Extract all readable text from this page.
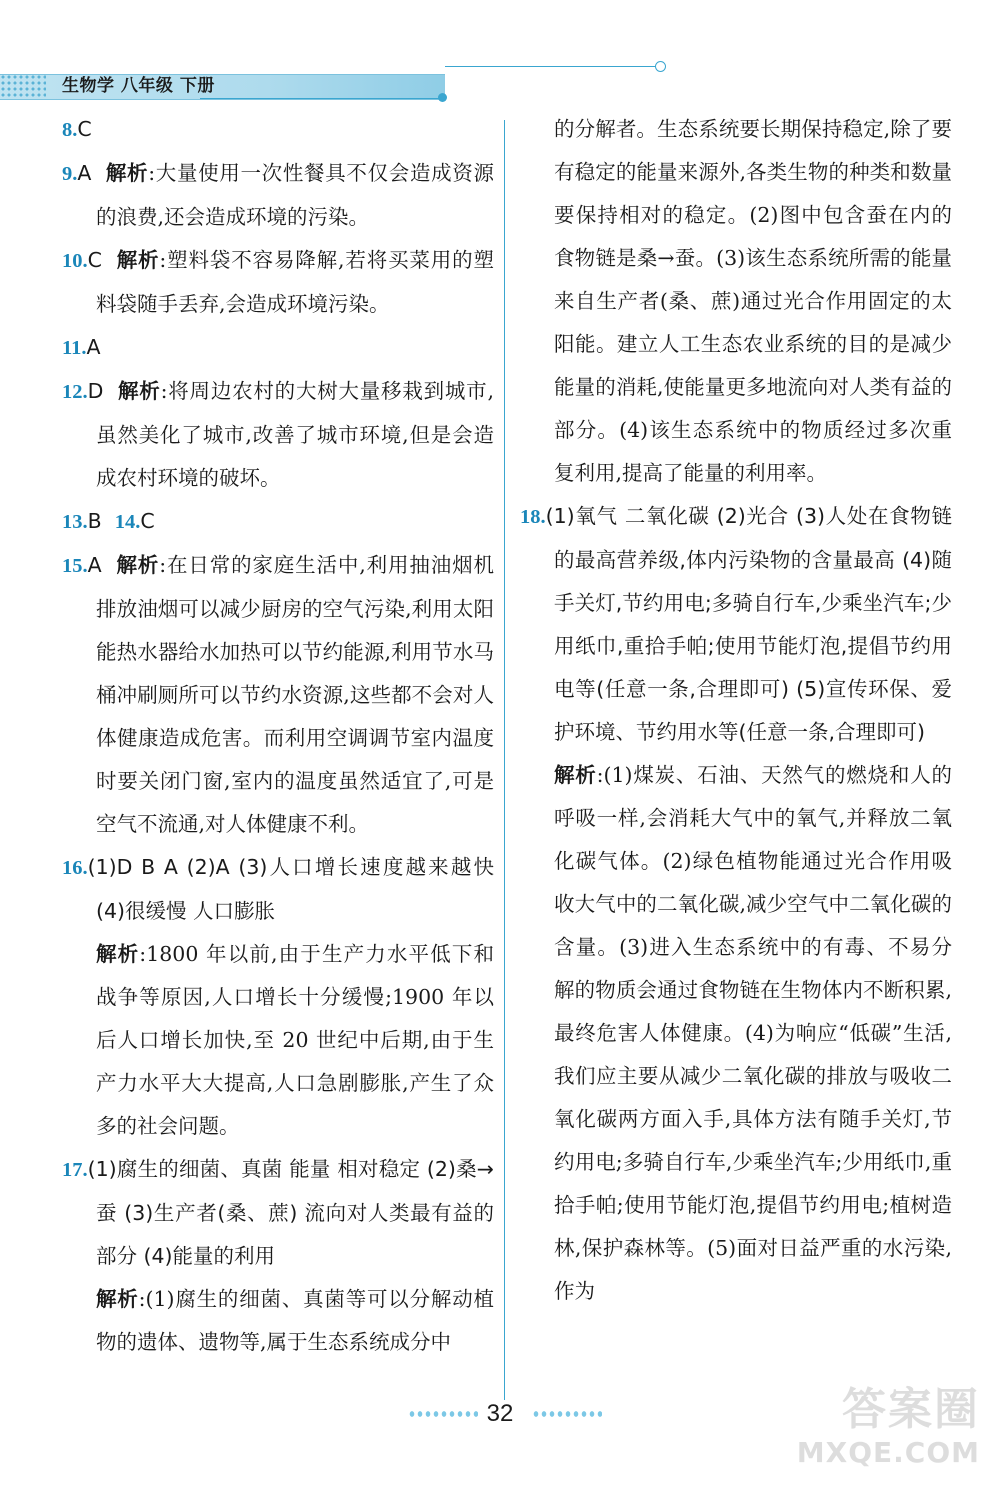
生物学 八年级 下册

8.C

9.A 解析:大量使用一次性餐具不仅会造成资源的浪费,还会造成环境的污染。

10.C 解析:塑料袋不容易降解,若将买菜用的塑料袋随手丢弃,会造成环境污染。

11.A

12.D 解析:将周边农村的大树大量移栽到城市,虽然美化了城市,改善了城市环境,但是会造成农村环境的破坏。

13.B 14.C

15.A 解析:在日常的家庭生活中,利用抽油烟机排放油烟可以减少厨房的空气污染,利用太阳能热水器给水加热可以节约能源,利用节水马桶冲刷厕所可以节约水资源,这些都不会对人体健康造成危害。而利用空调调节室内温度时要关闭门窗,室内的温度虽然适宜了,可是空气不流通,对人体健康不利。

16.(1)D B A (2)A (3)人口增长速度越来越快 (4)很缓慢 人口膨胀

解析:1800 年以前,由于生产力水平低下和战争等原因,人口增长十分缓慢;1900 年以后人口增长加快,至 20 世纪中后期,由于生产力水平大大提高,人口急剧膨胀,产生了众多的社会问题。

17.(1)腐生的细菌、真菌 能量 相对稳定 (2)桑→蚕 (3)生产者(桑、蔗) 流向对人类最有益的部分 (4)能量的利用

解析:(1)腐生的细菌、真菌等可以分解动植物的遗体、遗物等,属于生态系统成分中

的分解者。生态系统要长期保持稳定,除了要有稳定的能量来源外,各类生物的种类和数量要保持相对的稳定。(2)图中包含蚕在内的食物链是桑→蚕。(3)该生态系统所需的能量来自生产者(桑、蔗)通过光合作用固定的太阳能。建立人工生态农业系统的目的是减少能量的消耗,使能量更多地流向对人类有益的部分。(4)该生态系统中的物质经过多次重复利用,提高了能量的利用率。

18.(1)氧气 二氧化碳 (2)光合 (3)人处在食物链的最高营养级,体内污染物的含量最高 (4)随手关灯,节约用电;多骑自行车,少乘坐汽车;少用纸巾,重拾手帕;使用节能灯泡,提倡节约用电等(任意一条,合理即可) (5)宣传环保、爱护环境、节约用水等(任意一条,合理即可)

解析:(1)煤炭、石油、天然气的燃烧和人的呼吸一样,会消耗大气中的氧气,并释放二氧化碳气体。(2)绿色植物能通过光合作用吸收大气中的二氧化碳,减少空气中二氧化碳的含量。(3)进入生态系统中的有毒、不易分解的物质会通过食物链在生物体内不断积累,最终危害人体健康。(4)为响应“低碳”生活,我们应主要从减少二氧化碳的排放与吸收二氧化碳两方面入手,具体方法有随手关灯,节约用电;多骑自行车,少乘坐汽车;少用纸巾,重拾手帕;使用节能灯泡,提倡节约用电;植树造林,保护森林等。(5)面对日益严重的水污染,作为

32	答案圈
MXQE.COM
